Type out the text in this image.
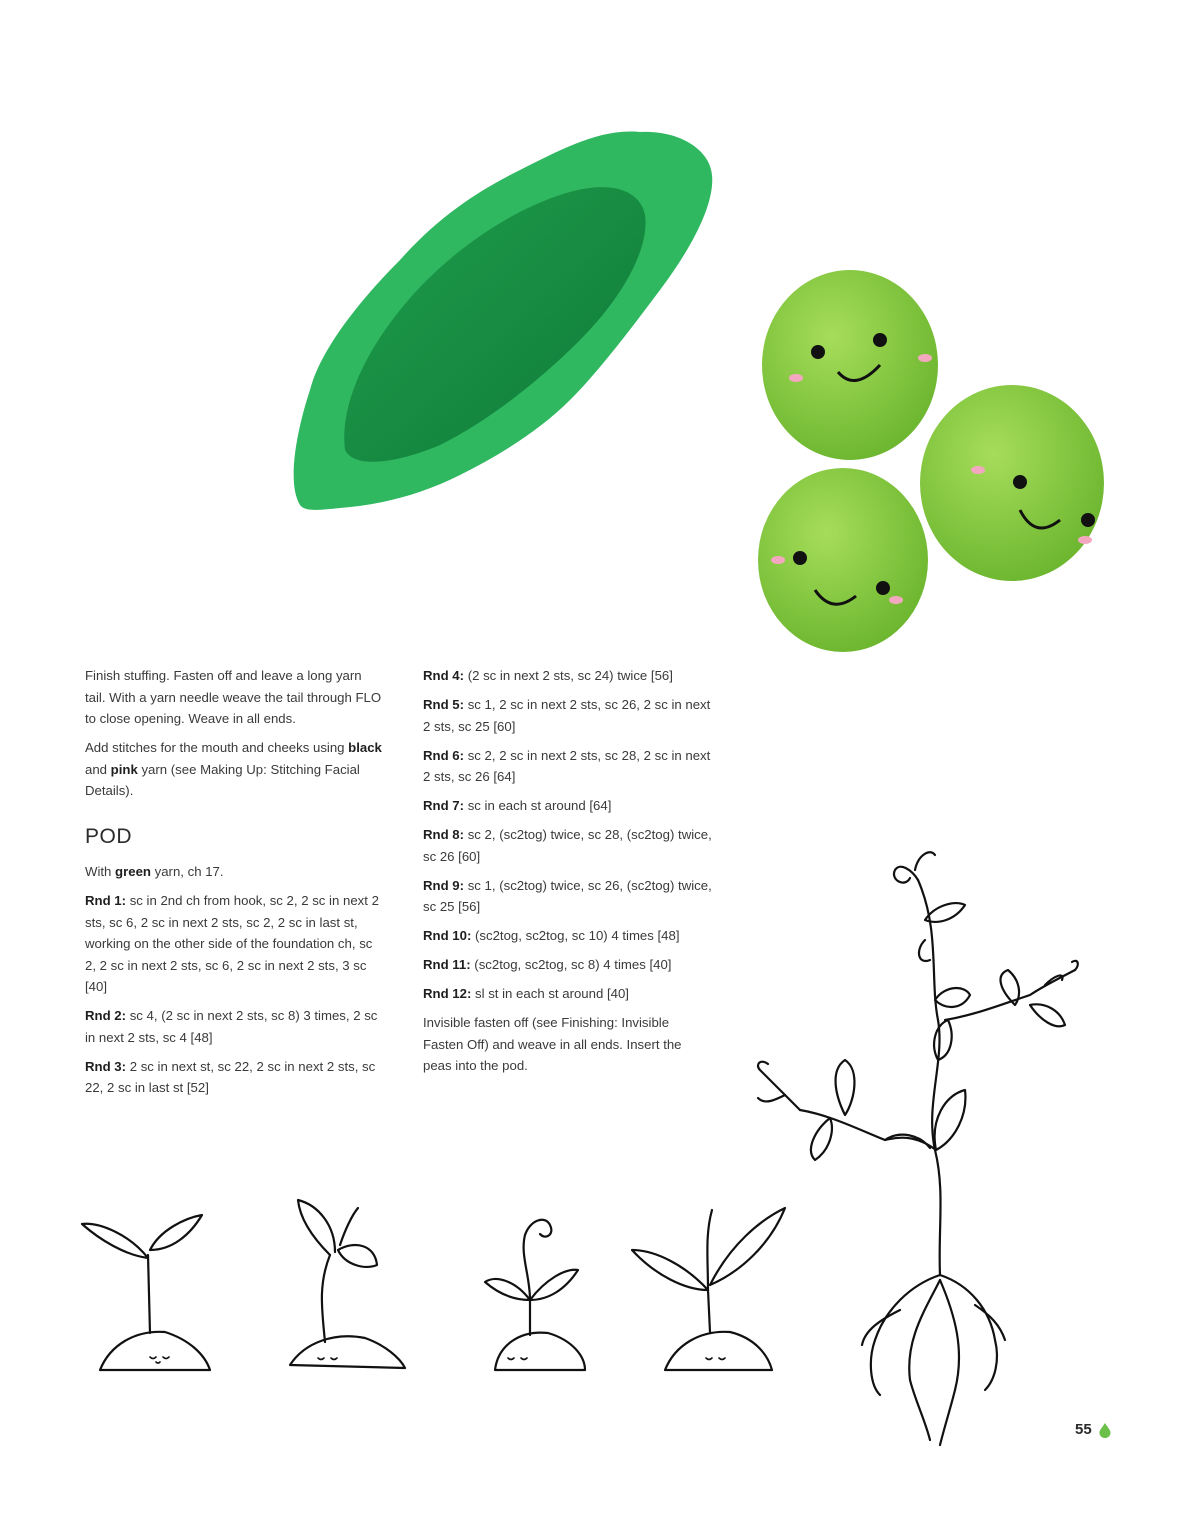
Finish stuffing. Fasten off and leave a long yarn tail. With a yarn needle weave the tail through FLO to close opening. Weave in all ends.

Add stitches for the mouth and cheeks using black and pink yarn (see Making Up: Stitching Facial Details).

POD

With green yarn, ch 17.

Rnd 1: sc in 2nd ch from hook, sc 2, 2 sc in next 2 sts, sc 6, 2 sc in next 2 sts, sc 2, 2 sc in last st, working on the other side of the foundation ch, sc 2, 2 sc in next 2 sts, sc 6, 2 sc in next 2 sts, 3 sc [40]

Rnd 2: sc 4, (2 sc in next 2 sts, sc 8) 3 times, 2 sc in next 2 sts, sc 4 [48]

Rnd 3: 2 sc in next st, sc 22, 2 sc in next 2 sts, sc 22, 2 sc in last st [52]

Rnd 4: (2 sc in next 2 sts, sc 24) twice [56]

Rnd 5: sc 1, 2 sc in next 2 sts, sc 26, 2 sc in next 2 sts, sc 25 [60]

Rnd 6: sc 2, 2 sc in next 2 sts, sc 28, 2 sc in next 2 sts, sc 26 [64]

Rnd 7: sc in each st around [64]

Rnd 8: sc 2, (sc2tog) twice, sc 28, (sc2tog) twice, sc 26 [60]

Rnd 9: sc 1, (sc2tog) twice, sc 26, (sc2tog) twice, sc 25 [56]

Rnd 10: (sc2tog, sc2tog, sc 10) 4 times [48]

Rnd 11: (sc2tog, sc2tog, sc 8) 4 times [40]

Rnd 12: sl st in each st around [40]

Invisible fasten off (see Finishing: Invisible Fasten Off) and weave in all ends. Insert the peas into the pod.

55
